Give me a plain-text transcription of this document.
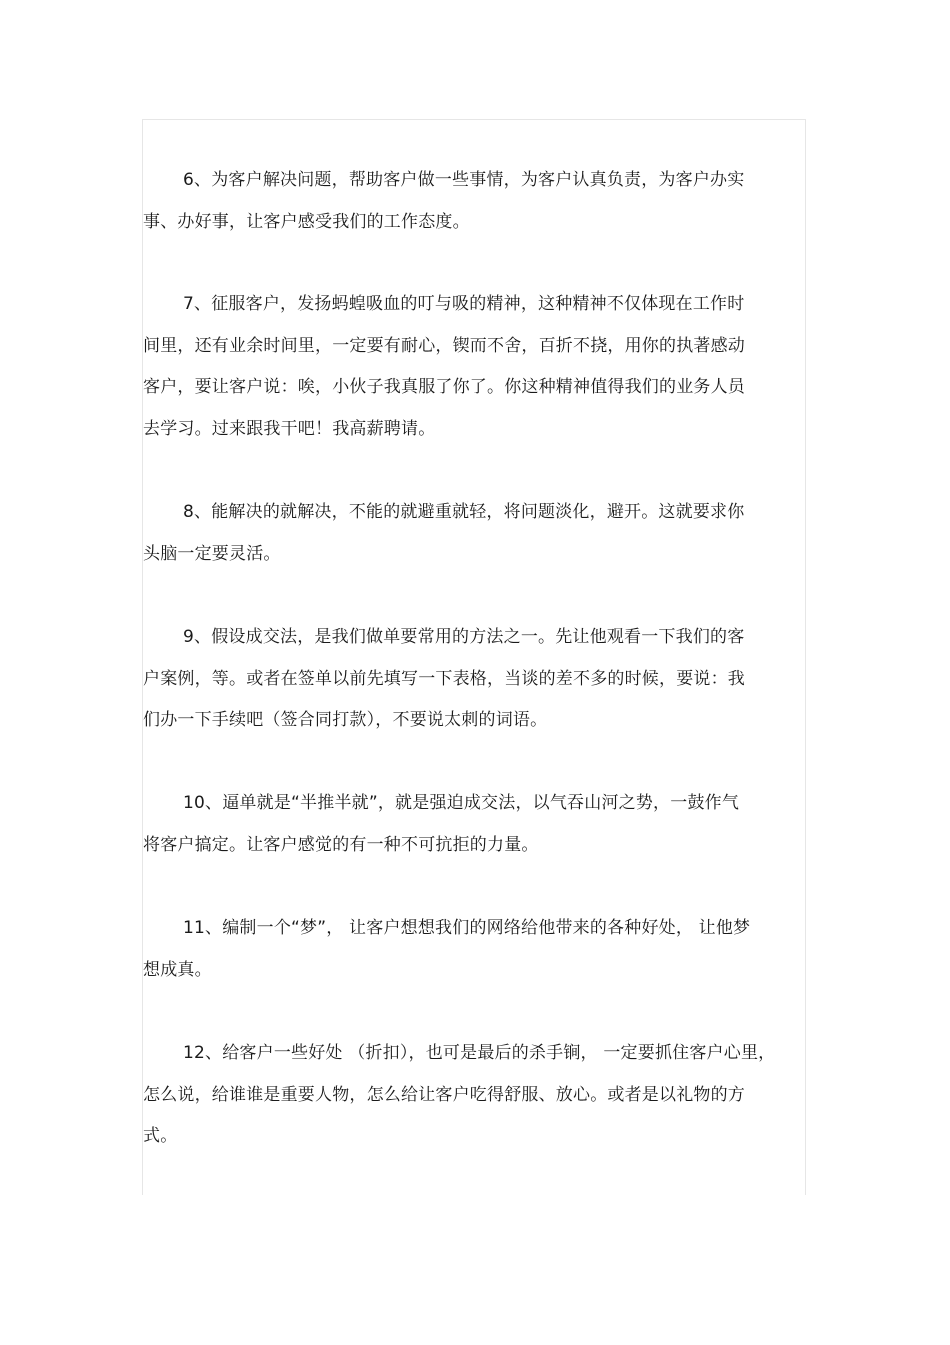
6、为客户解决问题，帮助客户做一些事情，为客户认真负责，为客户办实
事、办好事，让客户感受我们的工作态度。
7、征服客户，发扬蚂蝗吸血的叮与吸的精神，这种精神不仅体现在工作时
间里，还有业余时间里，一定要有耐心，锲而不舍，百折不挠，用你的执著感动
客户，要让客户说：唉，小伙子我真服了你了。你这种精神值得我们的业务人员
去学习。过来跟我干吧！我高薪聘请。
8、能解决的就解决，不能的就避重就轻，将问题淡化，避开。这就要求你
头脑一定要灵活。
9、假设成交法，是我们做单要常用的方法之一。先让他观看一下我们的客
户案例，等。或者在签单以前先填写一下表格，当谈的差不多的时候，要说：我
们办一下手续吧（签合同打款），不要说太刺的词语。
10、逼单就是“半推半就”，就是强迫成交法，以气吞山河之势，一鼓作气
将客户搞定。让客户感觉的有一种不可抗拒的力量。
11、编制一个“梦”， 让客户想想我们的网络给他带来的各种好处， 让他梦
想成真。
12、给客户一些好处 （折扣），也可是最后的杀手锏， 一定要抓住客户心里，
怎么说，给谁谁是重要人物，怎么给让客户吃得舒服、放心。或者是以礼物的方
式。
